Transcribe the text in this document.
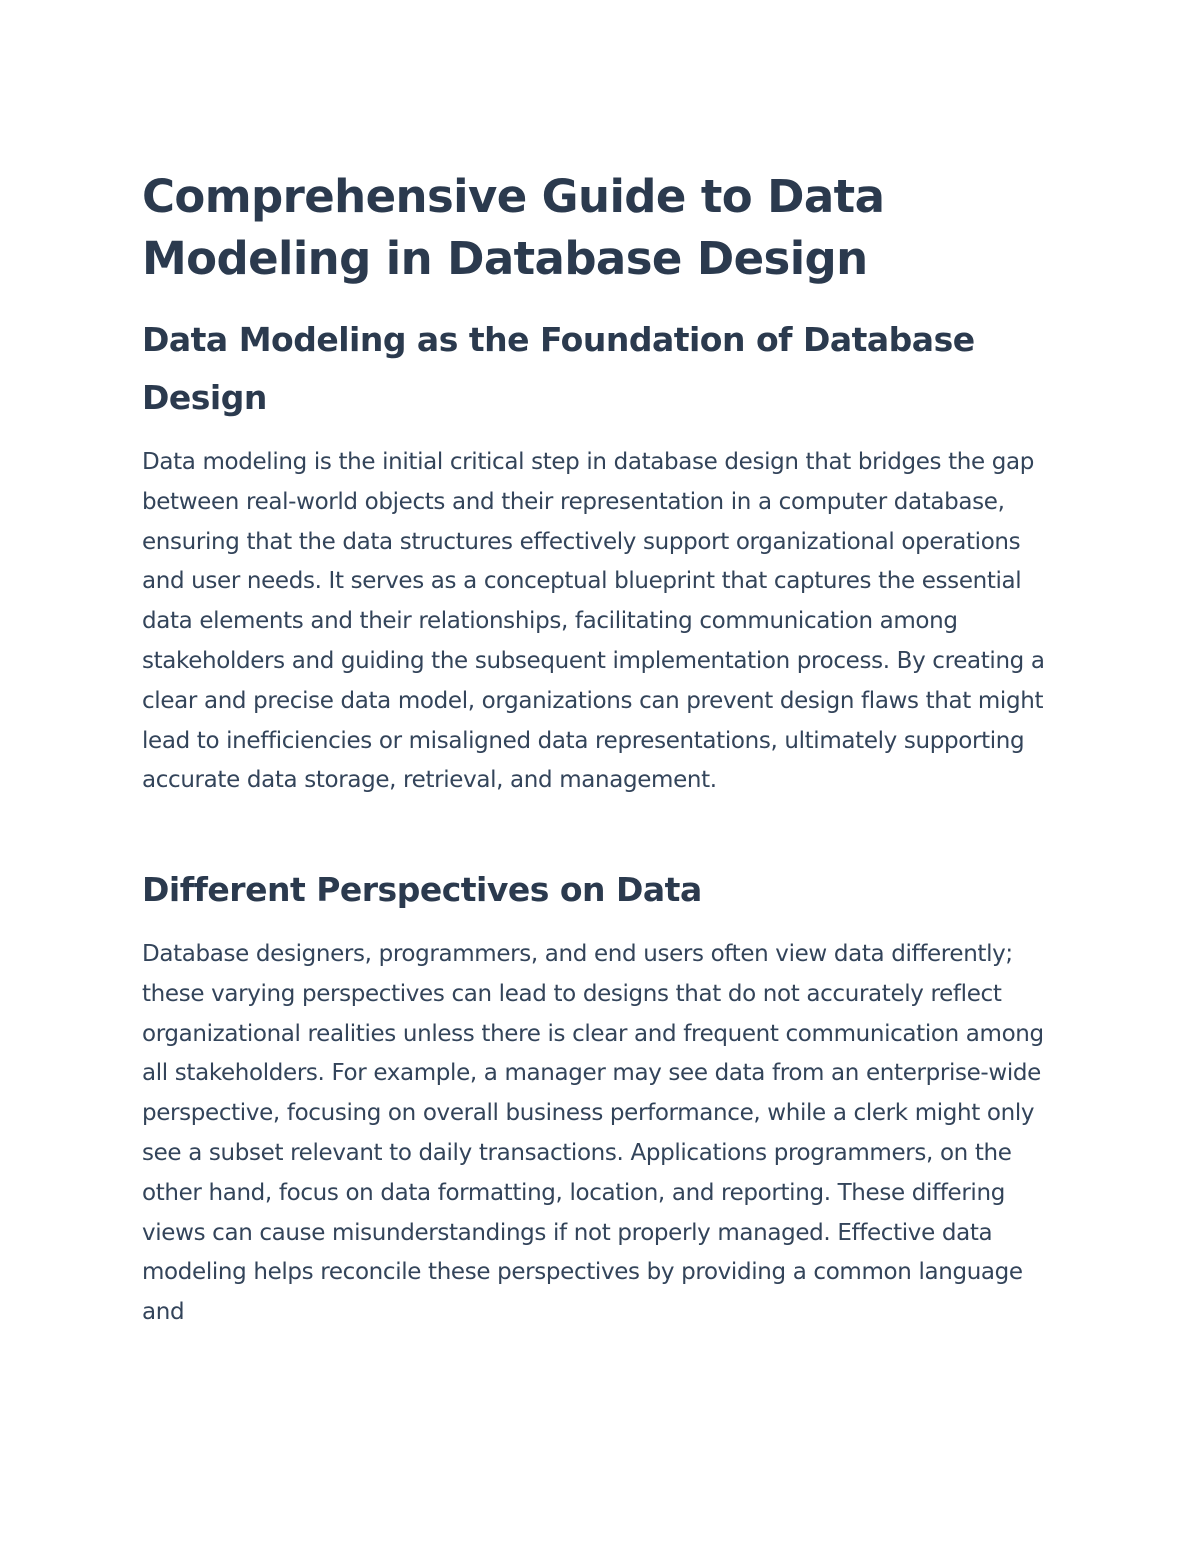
Comprehensive Guide to Data Modeling in Database Design
Data Modeling as the Foundation of Database Design

Data modeling is the initial critical step in database design that bridges the gap between real-world objects and their representation in a computer database, ensuring that the data structures effectively support organizational operations and user needs. It serves as a conceptual blueprint that captures the essential data elements and their relationships, facilitating communication among stakeholders and guiding the subsequent implementation process. By creating a clear and precise data model, organizations can prevent design flaws that might lead to inefficiencies or misaligned data representations, ultimately supporting accurate data storage, retrieval, and management.

Different Perspectives on Data

Database designers, programmers, and end users often view data differently; these varying perspectives can lead to designs that do not accurately reflect organizational realities unless there is clear and frequent communication among all stakeholders. For example, a manager may see data from an enterprise-wide perspective, focusing on overall business performance, while a clerk might only see a subset relevant to daily transactions. Applications programmers, on the other hand, focus on data formatting, location, and reporting. These differing views can cause misunderstandings if not properly managed. Effective data modeling helps reconcile these perspectives by providing a common language and
